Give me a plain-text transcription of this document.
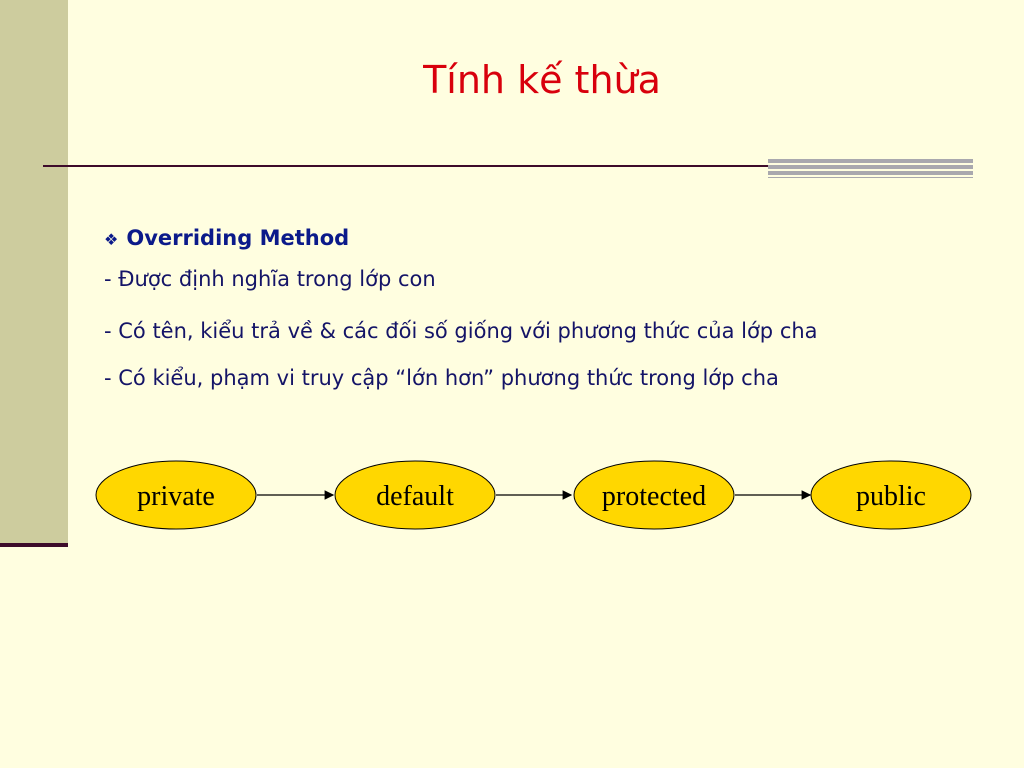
Tính kế thừa
❖ Overriding Method
- Được định nghĩa trong lớp con
- Có tên, kiểu trả về & các đối số giống với phương thức của lớp cha
- Có kiểu, phạm vi truy cập “lớn hơn” phương thức trong lớp cha
private	default	protected	public
